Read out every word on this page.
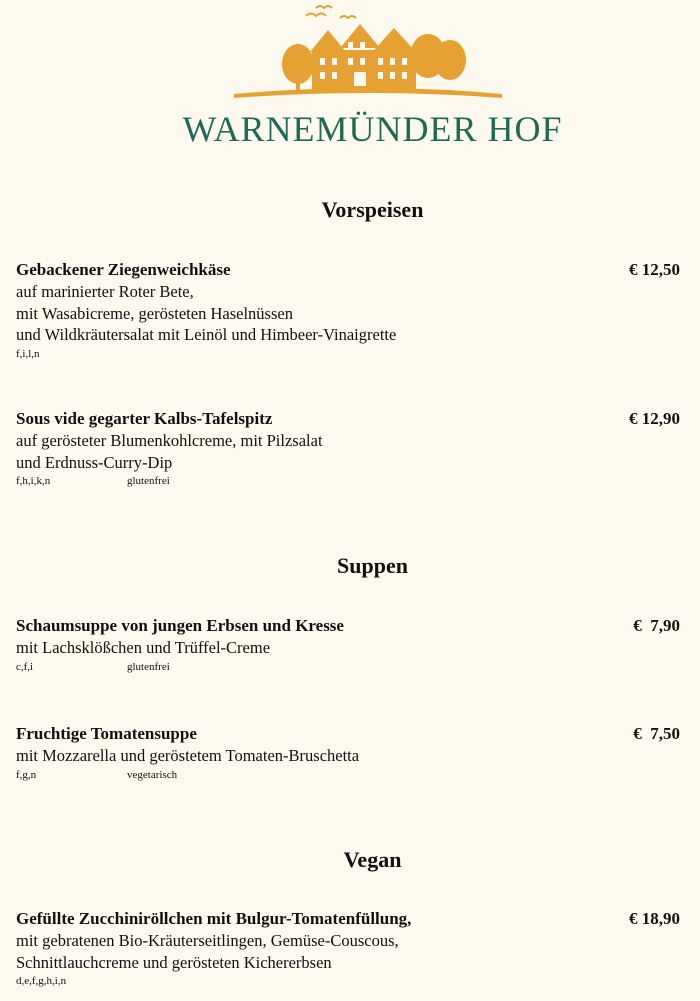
WARNEMÜNDER HOF
Vorspeisen
Gebackener Ziegenweichkäse	€ 12,50
auf marinierter Roter Bete,
mit Wasabicreme, gerösteten Haselnüssen
und Wildkräutersalat mit Leinöl und Himbeer-Vinaigrette
f,i,l,n
Sous vide gegarter Kalbs-Tafelspitz	€ 12,90
auf gerösteter Blumenkohlcreme, mit Pilzsalat
und Erdnuss-Curry-Dip
f,h,i,k,n	glutenfrei
Suppen
Schaumsuppe von jungen Erbsen und Kresse	€  7,90
mit Lachsklößchen und Trüffel-Creme
c,f,i	glutenfrei
Fruchtige Tomatensuppe	€  7,50
mit Mozzarella und geröstetem Tomaten-Bruschetta
f,g,n	vegetarisch
Vegan
Gefüllte Zucchiniröllchen mit Bulgur-Tomatenfüllung,	€ 18,90
mit gebratenen Bio-Kräuterseitlingen, Gemüse-Couscous,
Schnittlauchcreme und gerösteten Kichererbsen
d,e,f,g,h,i,n
